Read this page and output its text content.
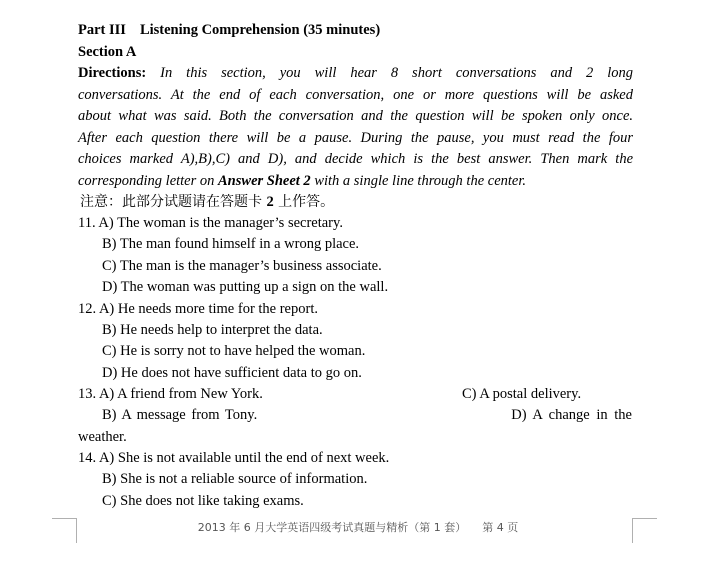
Part III Listening Comprehension (35 minutes)
Section A
Directions: In this section, you will hear 8 short conversations and 2 long
conversations. At the end of each conversation, one or more questions will be asked
about what was said. Both the conversation and the question will be spoken only once.
After each question there will be a pause. During the pause, you must read the four
choices marked A),B),C) and D), and decide which is the best answer. Then mark the
corresponding letter on Answer Sheet 2 with a single line through the center.
注意：此部分试题请在答题卡 2 上作答。
11. A) The woman is the manager’s secretary.
B) The man found himself in a wrong place.
C) The man is the manager’s business associate.
D) The woman was putting up a sign on the wall.
12. A) He needs more time for the report.
B) He needs help to interpret the data.
C) He is sorry not to have helped the woman.
D) He does not have sufficient data to go on.
13. A) A friend from New York.	C) A postal delivery.
B) A message from Tony.	D) A change in the
weather.
14. A) She is not available until the end of next week.
B) She is not a reliable source of information.
C) She does not like taking exams.
2013 年 6 月大学英语四级考试真题与精析（第 1 套） 第 4 页
